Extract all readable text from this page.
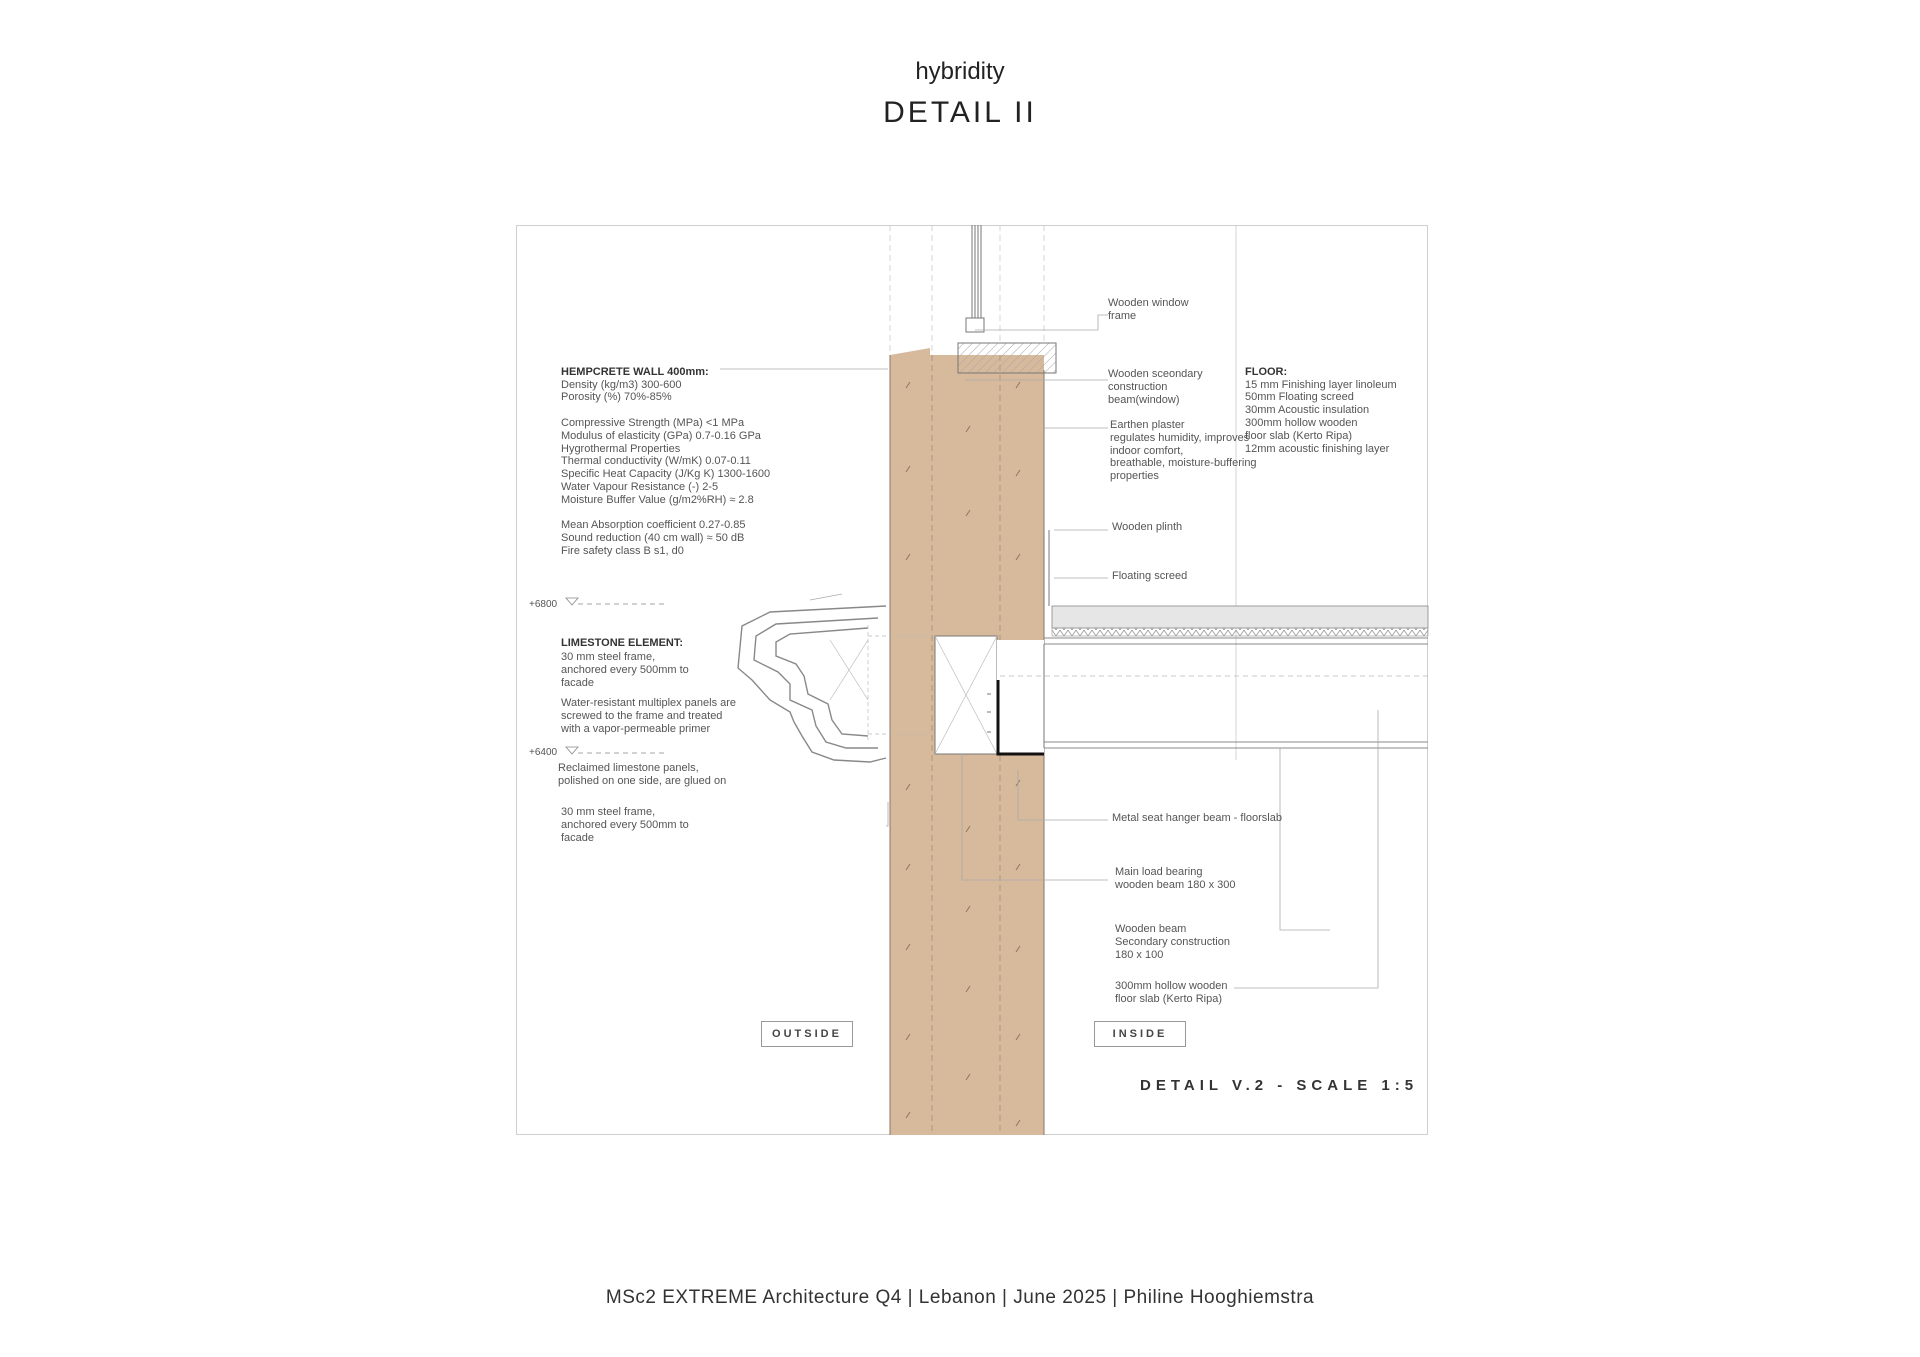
hybridity
DETAIL II

HEMPCRETE WALL 400mm:
Density (kg/m3) 300-600
Porosity (%) 70%-85%

Compressive Strength (MPa) <1 MPa
Modulus of elasticity (GPa) 0.7-0.16 GPa
Hygrothermal Properties
Thermal conductivity (W/mK) 0.07-0.11
Specific Heat Capacity (J/Kg K) 1300-1600
Water Vapour Resistance (-) 2-5
Moisture Buffer Value (g/m2%RH) ≈ 2.8

Mean Absorption coefficient 0.27-0.85
Sound reduction (40 cm wall) ≈ 50 dB
Fire safety class B s1, d0

LIMESTONE ELEMENT:

30 mm steel frame,
anchored every 500mm to
facade
Water-resistant multiplex panels are
screwed to the frame and treated
with a vapor-permeable primer
Reclaimed limestone panels,
polished on one side, are glued on
30 mm steel frame,
anchored every 500mm to
facade

FLOOR:
15 mm Finishing layer linoleum
50mm Floating screed
30mm Acoustic insulation
300mm hollow wooden
floor slab (Kerto Ripa)
12mm acoustic finishing layer

Wooden window
frame
Wooden sceondary
construction
beam(window)
Earthen plaster
regulates humidity, improves
indoor comfort,
breathable, moisture-buffering
properties
Wooden plinth
Floating screed
Metal seat hanger beam - floorslab
Main load bearing
wooden beam 180 x 300
Wooden beam
Secondary construction
180 x 100
300mm hollow wooden
floor slab (Kerto Ripa)
+6800
+6400
OUTSIDE	INSIDE
DETAIL V.2 - SCALE 1:5
MSc2 EXTREME Architecture Q4 | Lebanon | June 2025 | Philine Hooghiemstra
